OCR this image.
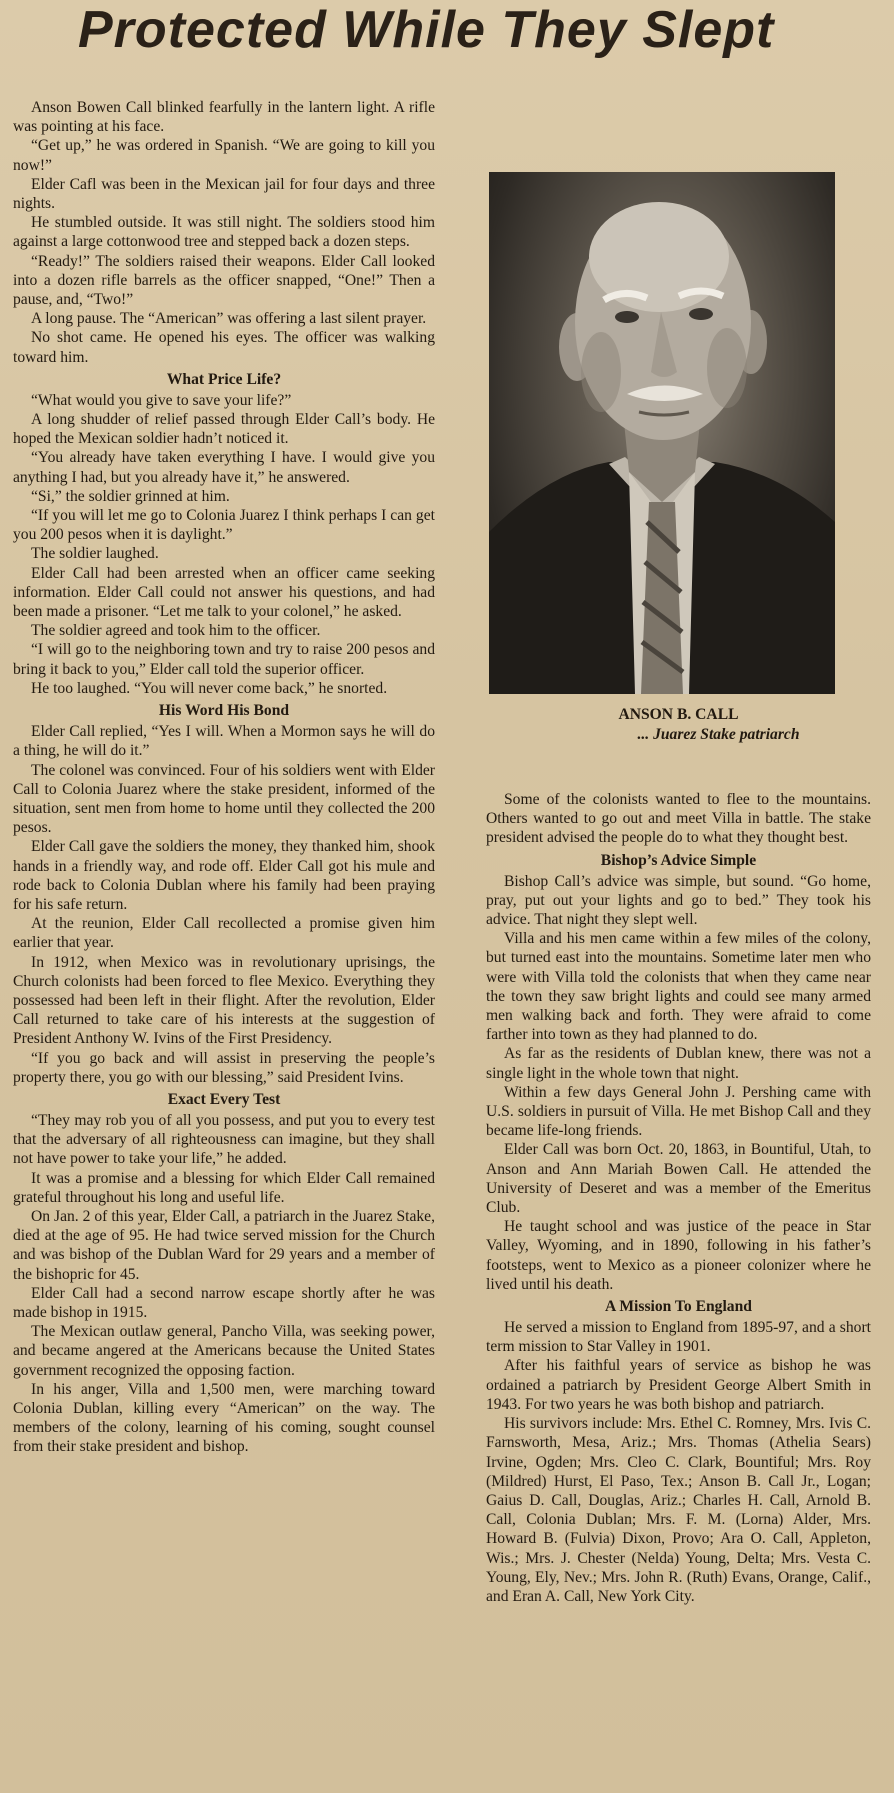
Protected While They Slept

Anson Bowen Call blinked fearfully in the lantern light. A rifle was pointing at his face.

“Get up,” he was ordered in Spanish. “We are going to kill you now!”

Elder Cafl was been in the Mexican jail for four days and three nights.

He stumbled outside. It was still night. The soldiers stood him against a large cottonwood tree and stepped back a dozen steps.

“Ready!” The soldiers raised their weapons. Elder Call looked into a dozen rifle barrels as the officer snapped, “One!” Then a pause, and, “Two!”

A long pause. The “American” was offering a last silent prayer.

No shot came. He opened his eyes. The officer was walking toward him.

What Price Life?

“What would you give to save your life?”

A long shudder of relief passed through Elder Call’s body. He hoped the Mexican soldier hadn’t noticed it.

“You already have taken everything I have. I would give you anything I had, but you already have it,” he answered.

“Si,” the soldier grinned at him.

“If you will let me go to Colonia Juarez I think perhaps I can get you 200 pesos when it is daylight.”

The soldier laughed.

Elder Call had been arrested when an officer came seeking information. Elder Call could not answer his questions, and had been made a prisoner. “Let me talk to your colonel,” he asked.

The soldier agreed and took him to the officer.

“I will go to the neighboring town and try to raise 200 pesos and bring it back to you,” Elder call told the superior officer.

He too laughed. “You will never come back,” he snorted.

His Word His Bond

Elder Call replied, “Yes I will. When a Mormon says he will do a thing, he will do it.”

The colonel was convinced. Four of his soldiers went with Elder Call to Colonia Juarez where the stake president, informed of the situation, sent men from home to home until they collected the 200 pesos.

Elder Call gave the soldiers the money, they thanked him, shook hands in a friendly way, and rode off. Elder Call got his mule and rode back to Colonia Dublan where his family had been praying for his safe return.

At the reunion, Elder Call recollected a promise given him earlier that year.

In 1912, when Mexico was in revolutionary uprisings, the Church colonists had been forced to flee Mexico. Everything they possessed had been left in their flight. After the revolution, Elder Call returned to take care of his interests at the suggestion of President Anthony W. Ivins of the First Presidency.

“If you go back and will assist in preserving the people’s property there, you go with our blessing,” said President Ivins.

Exact Every Test

“They may rob you of all you possess, and put you to every test that the adversary of all righteousness can imagine, but they shall not have power to take your life,” he added.

It was a promise and a blessing for which Elder Call remained grateful throughout his long and useful life.

On Jan. 2 of this year, Elder Call, a patriarch in the Juarez Stake, died at the age of 95. He had twice served mission for the Church and was bishop of the Dublan Ward for 29 years and a member of the bishopric for 45.

Elder Call had a second narrow escape shortly after he was made bishop in 1915.

The Mexican outlaw general, Pancho Villa, was seeking power, and became angered at the Americans because the United States government recognized the opposing faction.

In his anger, Villa and 1,500 men, were marching toward Colonia Dublan, killing every “American” on the way. The members of the colony, learning of his coming, sought counsel from their stake president and bishop.

ANSON B. CALL
... Juarez Stake patriarch

Some of the colonists wanted to flee to the mountains. Others wanted to go out and meet Villa in battle. The stake president advised the people do to what they thought best.

Bishop’s Advice Simple

Bishop Call’s advice was simple, but sound. “Go home, pray, put out your lights and go to bed.” They took his advice. That night they slept well.

Villa and his men came within a few miles of the colony, but turned east into the mountains. Sometime later men who were with Villa told the colonists that when they came near the town they saw bright lights and could see many armed men walking back and forth. They were afraid to come farther into town as they had planned to do.

As far as the residents of Dublan knew, there was not a single light in the whole town that night.

Within a few days General John J. Pershing came with U.S. soldiers in pursuit of Villa. He met Bishop Call and they became life-long friends.

Elder Call was born Oct. 20, 1863, in Bountiful, Utah, to Anson and Ann Mariah Bowen Call. He attended the University of Deseret and was a member of the Emeritus Club.

He taught school and was justice of the peace in Star Valley, Wyoming, and in 1890, following in his father’s footsteps, went to Mexico as a pioneer colonizer where he lived until his death.

A Mission To England

He served a mission to England from 1895-97, and a short term mission to Star Valley in 1901.

After his faithful years of service as bishop he was ordained a patriarch by President George Albert Smith in 1943. For two years he was both bishop and patriarch.

His survivors include: Mrs. Ethel C. Romney, Mrs. Ivis C. Farnsworth, Mesa, Ariz.; Mrs. Thomas (Athelia Sears) Irvine, Ogden; Mrs. Cleo C. Clark, Bountiful; Mrs. Roy (Mildred) Hurst, El Paso, Tex.; Anson B. Call Jr., Logan; Gaius D. Call, Douglas, Ariz.; Charles H. Call, Arnold B. Call, Colonia Dublan; Mrs. F. M. (Lorna) Alder, Mrs. Howard B. (Fulvia) Dixon, Provo; Ara O. Call, Appleton, Wis.; Mrs. J. Chester (Nelda) Young, Delta; Mrs. Vesta C. Young, Ely, Nev.; Mrs. John R. (Ruth) Evans, Orange, Calif., and Eran A. Call, New York City.
